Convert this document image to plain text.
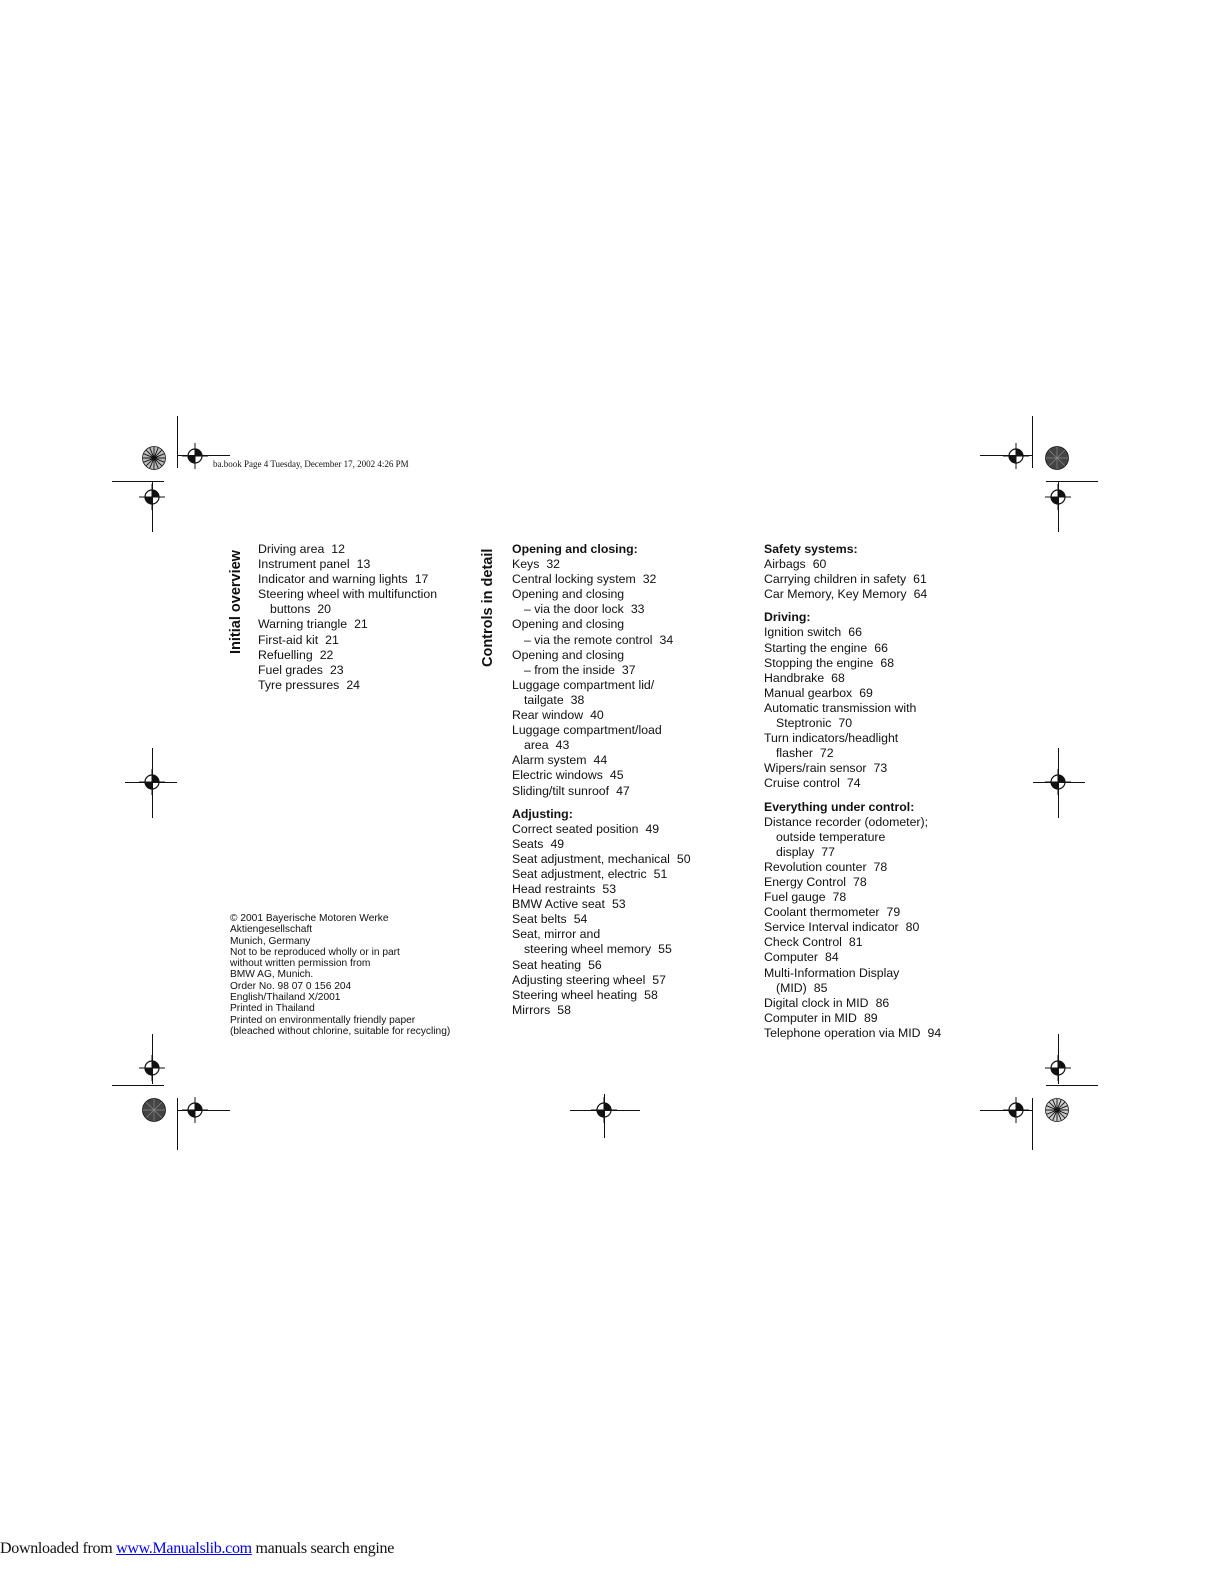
ba.book Page 4 Tuesday, December 17, 2002 4:26 PM
Initial overview	Controls in detail
Driving area 12
Instrument panel 13
Indicator and warning lights 17
Steering wheel with multifunction
buttons 20
Warning triangle 21
First-aid kit 21
Refuelling 22
Fuel grades 23
Tyre pressures 24
Opening and closing:
Keys 32
Central locking system 32
Opening and closing
– via the door lock 33
Opening and closing
– via the remote control 34
Opening and closing
– from the inside 37
Luggage compartment lid/
tailgate 38
Rear window 40
Luggage compartment/load
area 43
Alarm system 44
Electric windows 45
Sliding/tilt sunroof 47
Adjusting:
Correct seated position 49
Seats 49
Seat adjustment, mechanical 50
Seat adjustment, electric 51
Head restraints 53
BMW Active seat 53
Seat belts 54
Seat, mirror and
steering wheel memory 55
Seat heating 56
Adjusting steering wheel 57
Steering wheel heating 58
Mirrors 58
Safety systems:
Airbags 60
Carrying children in safety 61
Car Memory, Key Memory 64
Driving:
Ignition switch 66
Starting the engine 66
Stopping the engine 68
Handbrake 68
Manual gearbox 69
Automatic transmission with
Steptronic 70
Turn indicators/headlight
flasher 72
Wipers/rain sensor 73
Cruise control 74
Everything under control:
Distance recorder (odometer);
outside temperature
display 77
Revolution counter 78
Energy Control 78
Fuel gauge 78
Coolant thermometer 79
Service Interval indicator 80
Check Control 81
Computer 84
Multi-Information Display
(MID) 85
Digital clock in MID 86
Computer in MID 89
Telephone operation via MID 94
© 2001 Bayerische Motoren Werke
Aktiengesellschaft
Munich, Germany
Not to be reproduced wholly or in part
without written permission from
BMW AG, Munich.
Order No. 98 07 0 156 204
English/Thailand X/2001
Printed in Thailand
Printed on environmentally friendly paper
(bleached without chlorine, suitable for recycling)
Downloaded from www.Manualslib.com manuals search engine
